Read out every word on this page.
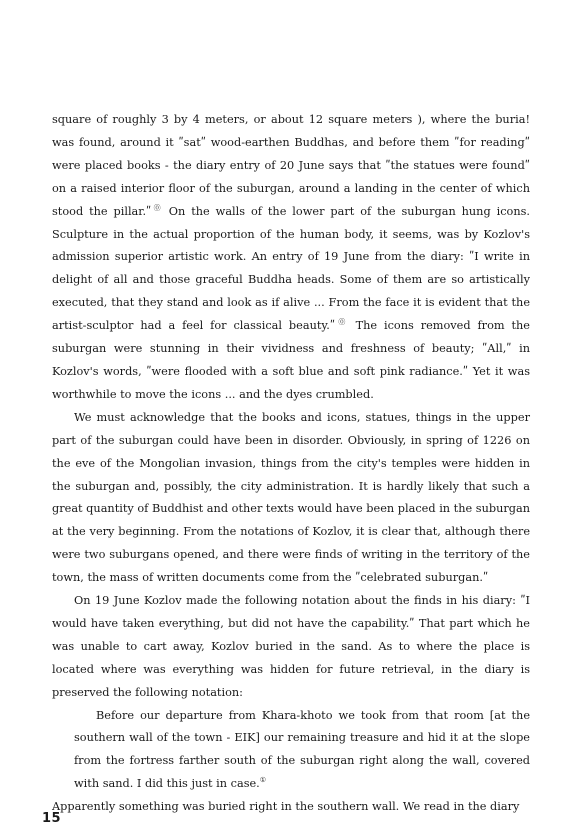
square of roughly 3 by 4 meters, or about 12 square meters ), where the buria! was found, around it ʺsatʺ wood-earthen Buddhas, and before them ʺfor readingʺ were placed books - the diary entry of 20 June says that ʺthe statues were foundʺ on a raised interior floor of the suburgan, around a landing in the center of which stood the pillar.ʺ⓪ On the walls of the lower part of the suburgan hung icons. Sculpture in the actual proportion of the human body, it seems, was by Kozlov's admission superior artistic work. An entry of 19 June from the diary: ʺI write in delight of all and those graceful Buddha heads. Some of them are so artistically executed, that they stand and look as if alive ... From the face it is evident that the artist-sculptor had a feel for classical beauty.ʺ⓪ The icons removed from the suburgan were stunning in their vividness and freshness of beauty; ʺAll,ʺ in Kozlov's words, ʺwere flooded with a soft blue and soft pink radiance.ʺ Yet it was worthwhile to move the icons ... and the dyes crumbled.

We must acknowledge that the books and icons, statues, things in the upper part of the suburgan could have been in disorder. Obviously, in spring of 1226 on the eve of the Mongolian invasion, things from the city's temples were hidden in the suburgan and, possibly, the city administration. It is hardly likely that such a great quantity of Buddhist and other texts would have been placed in the suburgan at the very beginning. From the notations of Kozlov, it is clear that, although there were two suburgans opened, and there were finds of writing in the territory of the town, the mass of written documents come from the ʺcelebrated suburgan.ʺ

On 19 June Kozlov made the following notation about the finds in his diary: ʺI would have taken everything, but did not have the capability.ʺ That part which he was unable to cart away, Kozlov buried in the sand. As to where the place is located where was everything was hidden for future retrieval, in the diary is preserved the following notation:

Before our departure from Khara-khoto we took from that room [at the southern wall of the town - EIK] our remaining treasure and hid it at the slope from the fortress farther south of the suburgan right along the wall, covered with sand. I did this just in case.①

Apparently something was buried right in the southern wall. We read in the diary

15
